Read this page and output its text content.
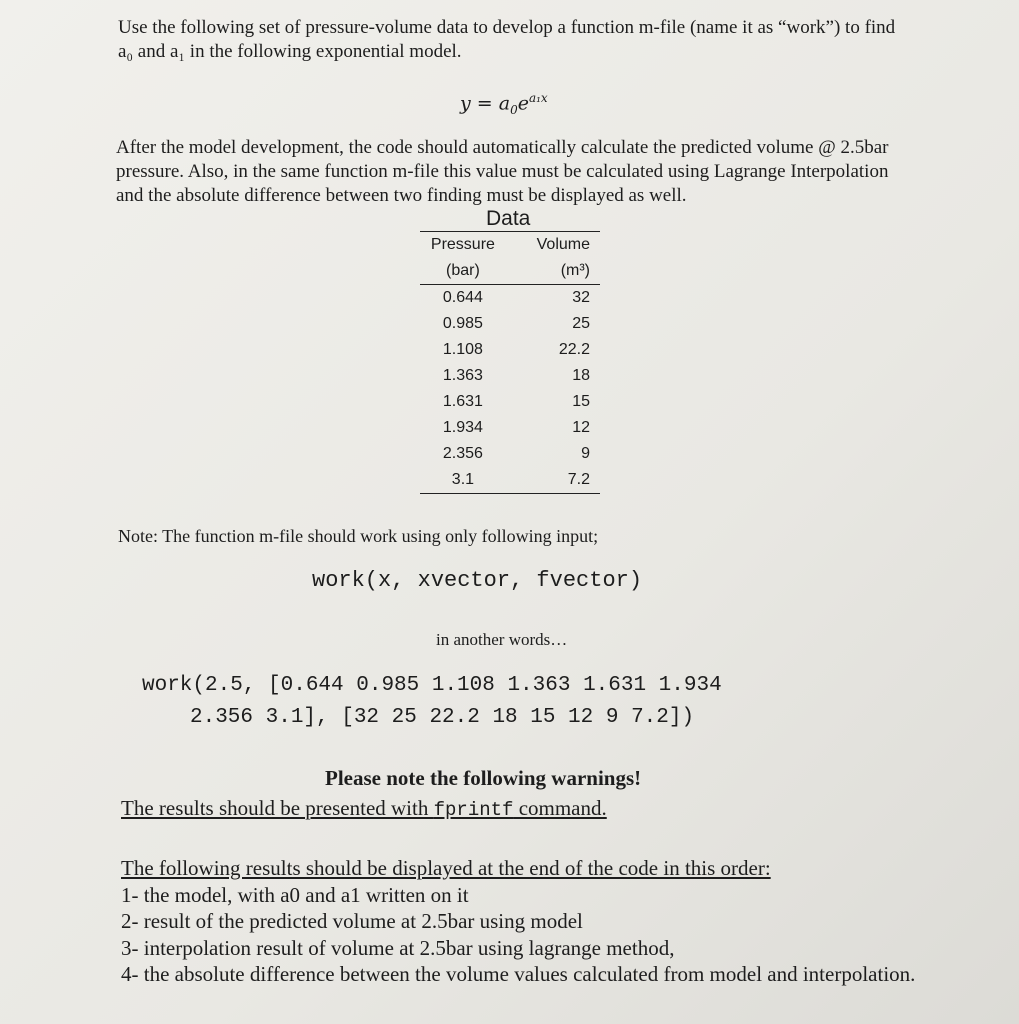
Use the following set of pressure-volume data to develop a function m-file (name it as “work”) to find a₀ and a₁ in the following exponential model.

$y = a_0e^{a_1x}$

After the model development, the code should automatically calculate the predicted volume @ 2.5bar pressure. Also, in the same function m-file this value must be calculated using Lagrange Interpolation and the absolute difference between two finding must be displayed as well.

Data
Pressure	Volume
(bar)	(m³)
0.644	32
0.985	25
1.108	22.2
1.363	18
1.631	15
1.934	12
2.356	9
3.1	7.2

Note: The function m-file should work using only following input;

work(x, xvector, fvector)

in another words…

work(2.5, [0.644 0.985 1.108 1.363 1.631 1.934
2.356 3.1], [32 25 22.2 18 15 12 9 7.2])
Please note the following warnings!
The results should be presented with fprintf command.
The following results should be displayed at the end of the code in this order:
1- the model, with a0 and a1 written on it
2- result of the predicted volume at 2.5bar using model
3- interpolation result of volume at 2.5bar using lagrange method,
4- the absolute difference between the volume values calculated from model and interpolation.
